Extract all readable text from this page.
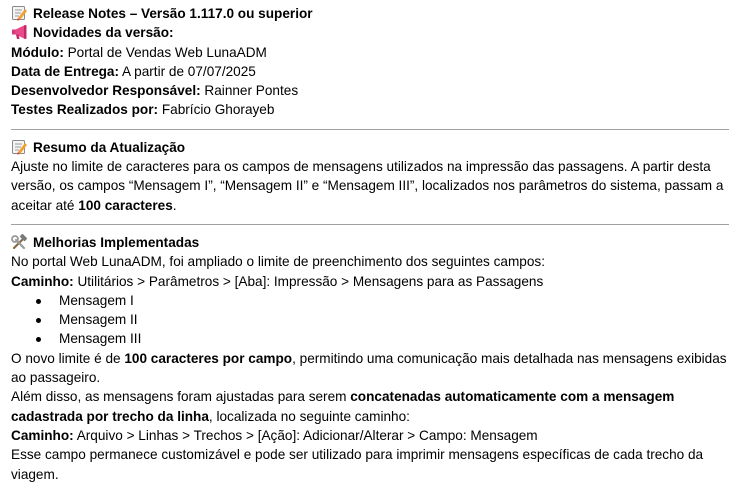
Release Notes – Versão 1.117.0 ou superior
Novidades da versão:
Módulo: Portal de Vendas Web LunaADM
Data de Entrega: A partir de 07/07/2025
Desenvolvedor Responsável: Rainner Pontes
Testes Realizados por: Fabrício Ghorayeb
Resumo da Atualização
Ajuste no limite de caracteres para os campos de mensagens utilizados na impressão das passagens. A partir desta versão, os campos “Mensagem I”, “Mensagem II” e “Mensagem III”, localizados nos parâmetros do sistema, passam a aceitar até 100 caracteres.
Melhorias Implementadas
No portal Web LunaADM, foi ampliado o limite de preenchimento dos seguintes campos:
Caminho: Utilitários > Parâmetros > [Aba]: Impressão > Mensagens para as Passagens
Mensagem I
Mensagem II
Mensagem III
O novo limite é de 100 caracteres por campo, permitindo uma comunicação mais detalhada nas mensagens exibidas ao passageiro.
Além disso, as mensagens foram ajustadas para serem concatenadas automaticamente com a mensagem cadastrada por trecho da linha, localizada no seguinte caminho:
Caminho: Arquivo > Linhas > Trechos > [Ação]: Adicionar/Alterar > Campo: Mensagem
Esse campo permanece customizável e pode ser utilizado para imprimir mensagens específicas de cada trecho da viagem.
